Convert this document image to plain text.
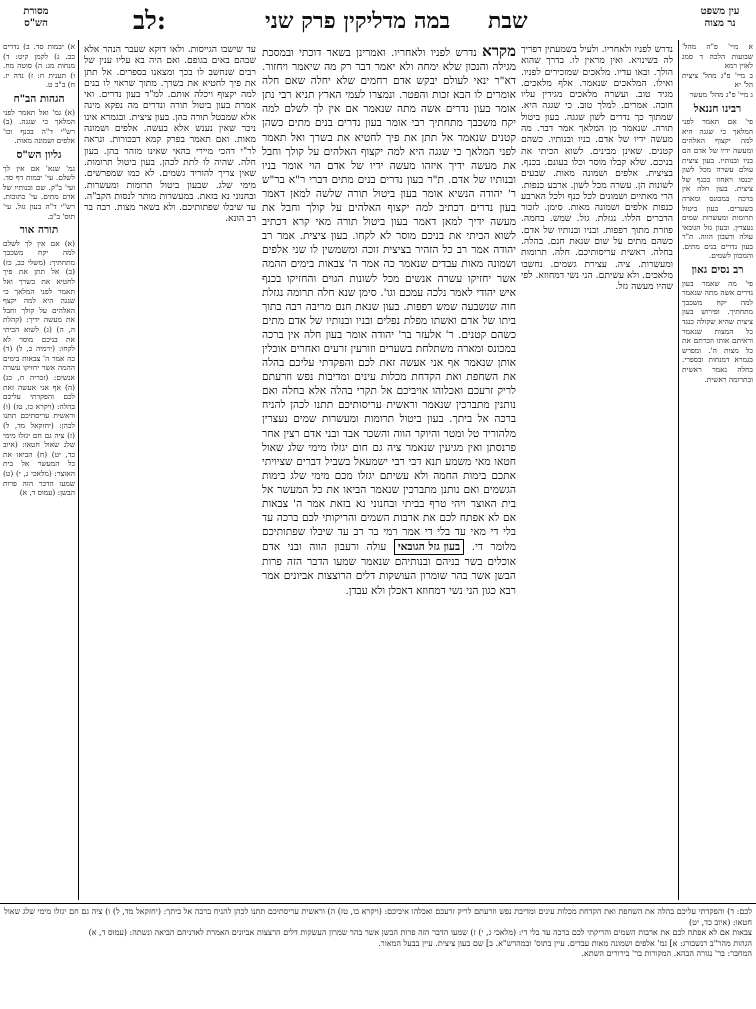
לב:	במה מדליקין פרק שני שבת
מסורת
הש"ס
עין משפט
נר מצוה
א) יבמות סד. ב) נדרים כב. ג) לקמן קיט: ד) מנחות מג: ה) סוטה מח. ו) תענית ח: ז) נדה יז. ח) ב"ב ט.
הגהות הב"ח
(א) גמ' ואל תאמר לפני המלאך כי שגגה. (ב) רש"י ד"ה בכנף וכו' אלפים ושמונה מאות.
גליון הש"ס
גמ' שנא' אם אין לך לשלם. עי' יבמות דף סד. ועי' ב"ק. שם ובנותיו של אדם מתים. עי' כתובות. רש"י ד"ה בעון גזל. עי' תוס' ב"ב.
תורה אור
(א) אם אין לך לשלם למה יקח משכבך מתחתיך: (משלי כב, כז) (ב) אל תתן את פיך לחטיא את בשרך ואל תאמר לפני המלאך כי שגגה היא למה יקצף האלהים על קולך וחבל את מעשה ידיך: (קהלת ה, ה) (ג) לשוא הכיתי את בניכם מוסר לא לקחו: (ירמיה ב, ל) (ד) כה אמר ה' צבאות בימים ההמה אשר יחזיקו עשרה אנשים: (זכריה ח, כג) (ה) אף אני אעשה זאת לכם והפקדתי עליכם בהלה: (ויקרא כו, טז) (ו) וראשית עריסתיכם תתנו לכהן: (יחזקאל מד, ל) (ז) ציה גם חם יגזלו מימי שלג שאול חטאו: (איוב כד, יט) (ח) הביאו את כל המעשר אל בית האוצר: (מלאכי ג, י) (ט) שמעו הדבר הזה פרות הבשן: (עמוס ד, א)
עד שישבו הגייסות. ולאו דוקא שעבר הנהר אלא שבהם באים בגופם. ואם היה בא עליו ענין של רבים שנחשב לו בכך ומצאנו בספרים. אל תתן את פיך לחטיא את בשרך. מתוך שראוי לו בנים למה יקצוף ויכלה אותם. למ"ד בעון נדרים. ואי אמרת בעון ביטול תורה ונדרים מה נפקא מינה אלא שמבטל תורה בהן. בעון ציצית. ובגמרא אינו ניכר שאין נענש אלא בעשה. אלפים ושמונה מאות. ואם תאמר בפרק קמא דבכורות. ונראה לר"י דהכי מיירי בהאי שאינו מזהר בהן. בעון חלה. שהיה לו לתת לכהן. בעון ביטול תרומות. שאין צריך להוריד גשמים. לא כמו שמפרשים. מימי שלג. שבעון ביטול תרומות ומעשרות. ובחנוני נא בזאת. במעשרות מותר לנסות הקב"ה. עד שיבלו שפתותיכם. ולא בשאר מצות. רבה בר רב הונא.
מקרא נדרש לפניו ולאחריו. ואמרינן בשאר דוכתי ובמסכת מגילה והנכון שלא ימחה ולא יאמר דבר רק מה שיאמר ויחזור. דא"ר ינאי לעולם יבקש אדם רחמים שלא יחלה שאם חלה אומרים לו הבא זכות והפטר. ונמצרו לעמי הארץ תניא רבי נתן אומר בעון נדרים אשה מתה שנאמר אם אין לך לשלם למה יקח משכבך מתחתיך רבי אומר בעון נדרים בנים מתים כשהן קטנים שנאמר אל תתן את פיך לחטיא את בשרך ואל תאמר לפני המלאך כי שגגה היא למה יקצוף האלהים על קולך וחבל את מעשה ידיך איזהו מעשה ידיו של אדם הוי אומר בניו ובנותיו של אדם. ת"ר בעון נדרים בנים מתים דברי ר"א בר"ש ר' יהודה הנשיא אומר בעון ביטול תורה שלשה למאן דאמר בעון נדרים דכתיב למה יקצוף האלהים על קולך וחבל את מעשה ידיך למאן דאמר בעון ביטול תורה מאי קרא דכתיב לשוא הכיתי את בניכם מוסר לא לקחו. בעון ציצית. אמר רב יהודה אמר רב כל הזהיר בציצית זוכה ומשמשין לו שני אלפים ושמונה מאות עבדים שנאמר כה אמר ה' צבאות בימים ההמה אשר יחזיקו עשרה אנשים מכל לשונות הגוים והחזיקו בכנף איש יהודי לאמר נלכה עמכם וגו'. סימן שנא חלה תרומה נגזלת חוה שנשבעה שמש רפפות. בעון שנאת חנם מריבה רבה בתוך ביתו של אדם ואשתו מפלת נפלים ובניו ובנותיו של אדם מתים כשהם קטנים. ר' אלעזר בר' יהודה אומר בעון חלה אין ברכה במכונס ומארה משתלחת בשערים וזורעין זרעים ואחרים אוכלין אותן שנאמר אף אני אעשה זאת לכם והפקדתי עליכם בהלה את השחפת ואת הקדחת מכלות עינים ומדיבות נפש וזרעתם לריק זרעכם ואכלוהו אויביכם אל תקרי בהלה אלא בחלה ואם נותנין מתברכין שנאמר וראשית עריסותיכם תתנו לכהן להניח ברכה אל ביתך. בעון ביטול תרומות ומעשרות שמים נעצרין מלהוריד טל ומטר והיוקר הווה והשכר אבד ובני אדם רצין אחר פרנסתן ואין מגיעין שנאמר ציה גם חום יגזלו מימי שלג שאול חטאו מאי משמע תנא דבי רבי ישמעאל בשביל דברים שציויתי אתכם בימות החמה ולא עשיתם יגזלו מכם מימי שלג בימות הגשמים ואם נותנן מתברכין שנאמר הביאו את כל המעשר אל בית האוצר ויהי טרף בביתי ובחנוני נא בזאת אמר ה' צבאות אם לא אפתח לכם את ארבות השמים והריקותי לכם ברכה עד בלי די מאי עד בלי די אמר רמי בר רב עד שיבלו שפתותיכם מלומר די. בעון גזל הגובאי עולה ורעבון הווה ובני אדם אוכלים בשר בניהם ובנותיהם שנאמר שמעו הדבר הזה פרות הבשן אשר בהר שומרון העושקות דלים הרוצצות אביונים אמר רבא כגון הני נשי דמחוזא דאכלן ולא עבדן.
נדרש לפניו ולאחריו. ולעיל בשמעתין דפריך לה בשינויא. ואין מראין לו. בדרך שהוא הולך. ובאו עדיו. מלאכים שמזכירים לפניו. ואילו. המלאכים שנאמר. אלף מלאכים. מגיד טוב. ועשרה מלאכים מגידין עליו חובה. אמרים. למלך טוב. כי שגגה היא. שמתוך כך נדרים לשון שגגה. בעון ביטול תורה. שנאמר מן המלאך אמר דבר. מה מעשה ידיו של אדם. בניו ובנותיו. כשהם קטנים. שאינן מבינים. לשוא הכיתי את בניכם. שלא קבלו מוסר וכלו בעונם. בכנף. בציצית. אלפים ושמונה מאות. שבעים לשונות הן. עשרה מכל לשון. ארבע כנפות. הרי מאתיים ושמונים לכל כנף ולכל הארבע כנפות אלפים ושמונה מאות. סימן. לזכור הדברים הללו. נגזלת. גזל. שמש. בחמה. פוזרת מתוך רפפות. ובניו ובנותיו של אדם. כשהם מתים על שום שנאת חנם. בהלה. בחלה. ראשית עריסותיכם. חלה. תרומות ומעשרות. ציה. עצירת גשמים. נחשבו מלאכים. ולא עשיתם. הני נשי דמחוזא. לפי שהיו מעשה גזל.
א מיי' פ"ה מהל' שבועות הלכה ד סמג לאוין רמא
ב מיי' פ"ג מהל' ציצית הל' יא
ג מיי' פ"ג מהל' מעשר
רבינו חננאל
פי' אם תאמר לפני המלאך כי שגגה היא למה יקצוף האלהים ומעשה ידיו של אדם הם בניו ובנותיו. בעון ציצית עולם עשרה מכל לשון יכנסו ויאחזו בכנף של ציצית. בעון חלה אין ברכה במכונס ומארה בשערים. בעון ביטול תרומות ומעשרות שמים נעצרין. ובעון גזל הגובאי עולה ורעבון הווה. ת"ר בעון נדרים בנים מתים. והמכוון לשמים.
רב נסים גאון
פי' מה שאמר בעון נדרים אשה מתה שנאמר למה יקח משכבך מתחתיך. ופירוש בעון ציצית שהיא שקולה כנגד כל המצות שנאמר וראיתם אותו וזכרתם את כל מצות ה'. ומפרש בגמרא דמנחות ובספרי. בחלה נאמר ראשית ובתרומה ראשית.
לכם: ד) והפקדתי עליכם בהלה את השחפת ואת הקדחת מכלות עינים ומדיבת נפש וזרעתם לריק זרעכם ואכלהו איביכם: (ויקרא כו, טז) ה) וראשית עריסתיכם תתנו לכהן להניח ברכה אל ביתך: (יחזקאל מד, ל) ו) ציה גם חם יגזלו מימי שלג שאול חטאו: (איוב כד, יט)
צבאות אם לא אפתח לכם את ארבות השמים והריקתי לכם ברכה עד בלי די: (מלאכי ג, י) ז) שמעו הדבר הזה פרות הבשן אשר בהר שמרון העשקות דלים הרצצות אביונים האמרת לאדניהם הביאה ונשתה: (עמוס ד, א)
הגהות מהר"ב רנשבורג: א] גמ' אלפים ושמונה מאות עבדים. עיין בתוס' ובמהרש"א. ב] שם בעון ציצית. עיין בבעל המאור.
המחבר: בר' נגורה הבהא. המקורות בר' בירורים השתא.
